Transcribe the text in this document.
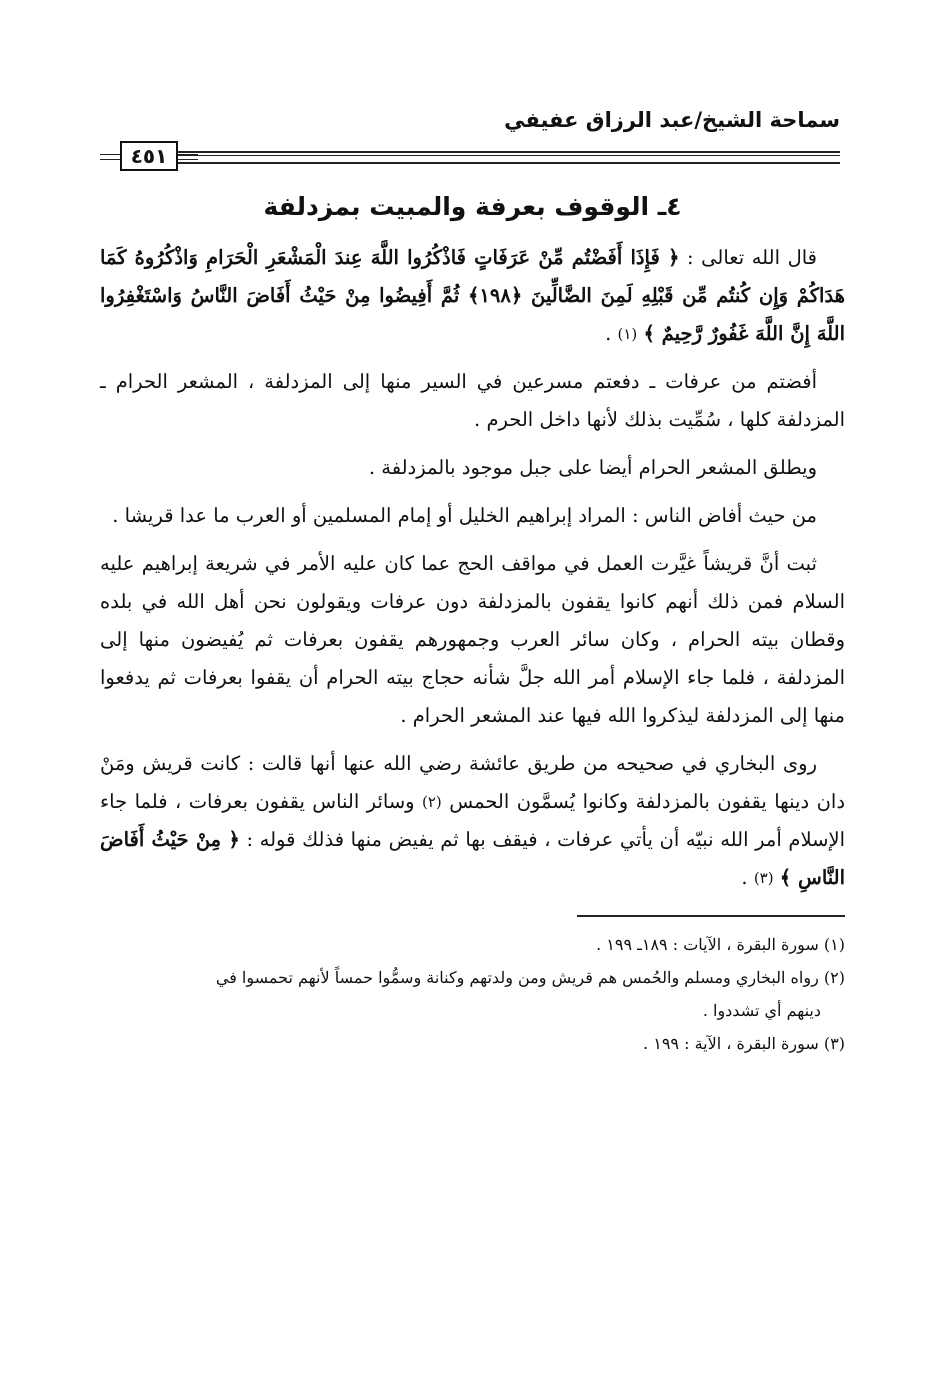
سماحة الشيخ/عبد الرزاق عفيفي
٤٥١
٤ـ الوقوف بعرفة والمبيت بمزدلفة

قال الله تعالى : ﴿ فَإِذَا أَفَضْتُم مِّنْ عَرَفَاتٍ فَاذْكُرُوا اللَّهَ عِندَ الْمَشْعَرِ الْحَرَامِ وَاذْكُرُوهُ كَمَا هَدَاكُمْ وَإِن كُنتُم مِّن قَبْلِهِ لَمِنَ الضَّالِّينَ ﴿١٩٨﴾ ثُمَّ أَفِيضُوا مِنْ حَيْثُ أَفَاضَ النَّاسُ وَاسْتَغْفِرُوا اللَّهَ إِنَّ اللَّهَ غَفُورٌ رَّحِيمٌ ﴾ $^{(١)}$ .

أفضتم من عرفات ـ دفعتم مسرعين في السير منها إلى المزدلفة ، المشعر الحرام ـ المزدلفة كلها ، سُمِّيت بذلك لأنها داخل الحرم .

ويطلق المشعر الحرام أيضا على جبل موجود بالمزدلفة .

من حيث أفاض الناس : المراد إبراهيم الخليل أو إمام المسلمين أو العرب ما عدا قريشا .

ثبت أنَّ قريشاً غيَّرت العمل في مواقف الحج عما كان عليه الأمر في شريعة إبراهيم عليه السلام فمن ذلك أنهم كانوا يقفون بالمزدلفة دون عرفات ويقولون نحن أهل الله في بلده وقطان بيته الحرام ، وكان سائر العرب وجمهورهم يقفون بعرفات ثم يُفيضون منها إلى المزدلفة ، فلما جاء الإسلام أمر الله جلَّ شأنه حجاج بيته الحرام أن يقفوا بعرفات ثم يدفعوا منها إلى المزدلفة ليذكروا الله فيها عند المشعر الحرام .

روى البخاري في صحيحه من طريق عائشة رضي الله عنها أنها قالت : كانت قريش ومَنْ دان دينها يقفون بالمزدلفة وكانوا يُسمَّون الحمس $^{(٢)}$ وسائر الناس يقفون بعرفات ، فلما جاء الإسلام أمر الله نبيّه أن يأتي عرفات ، فيقف بها ثم يفيض منها فذلك قوله : ﴿ مِنْ حَيْثُ أَفَاضَ النَّاسِ ﴾ $^{(٣)}$ .

(١) سورة البقرة ، الآيات : ١٨٩ـ ١٩٩ .
(٢) رواه البخاري ومسلم والحُمس هم قريش ومن ولدتهم وكنانة وسمُّوا حمساً لأنهم تحمسوا في
دينهم أي تشددوا .
(٣) سورة البقرة ، الآية : ١٩٩ .
